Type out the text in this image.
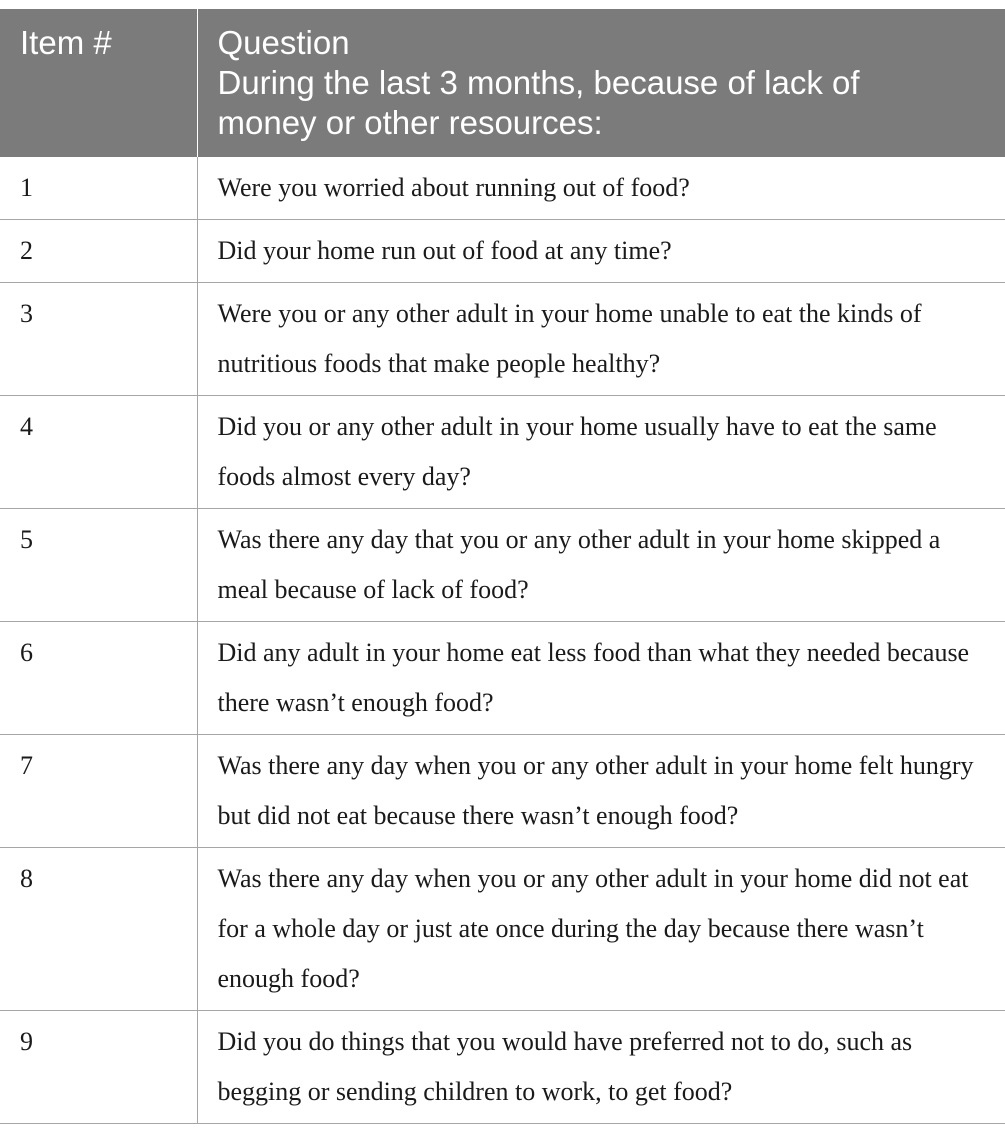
Item #	Question
During the last 3 months, because of lack of
money or other resources:

1	Were you worried about running out of food?
2	Did your home run out of food at any time?
3	Were you or any other adult in your home unable to eat the kinds of nutritious foods that make people healthy?
4	Did you or any other adult in your home usually have to eat the same foods almost every day?
5	Was there any day that you or any other adult in your home skipped a meal because of lack of food?
6	Did any adult in your home eat less food than what they needed because there wasn’t enough food?
7	Was there any day when you or any other adult in your home felt hungry but did not eat because there wasn’t enough food?
8	Was there any day when you or any other adult in your home did not eat for a whole day or just ate once during the day because there wasn’t enough food?
9	Did you do things that you would have preferred not to do, such as begging or sending children to work, to get food?
